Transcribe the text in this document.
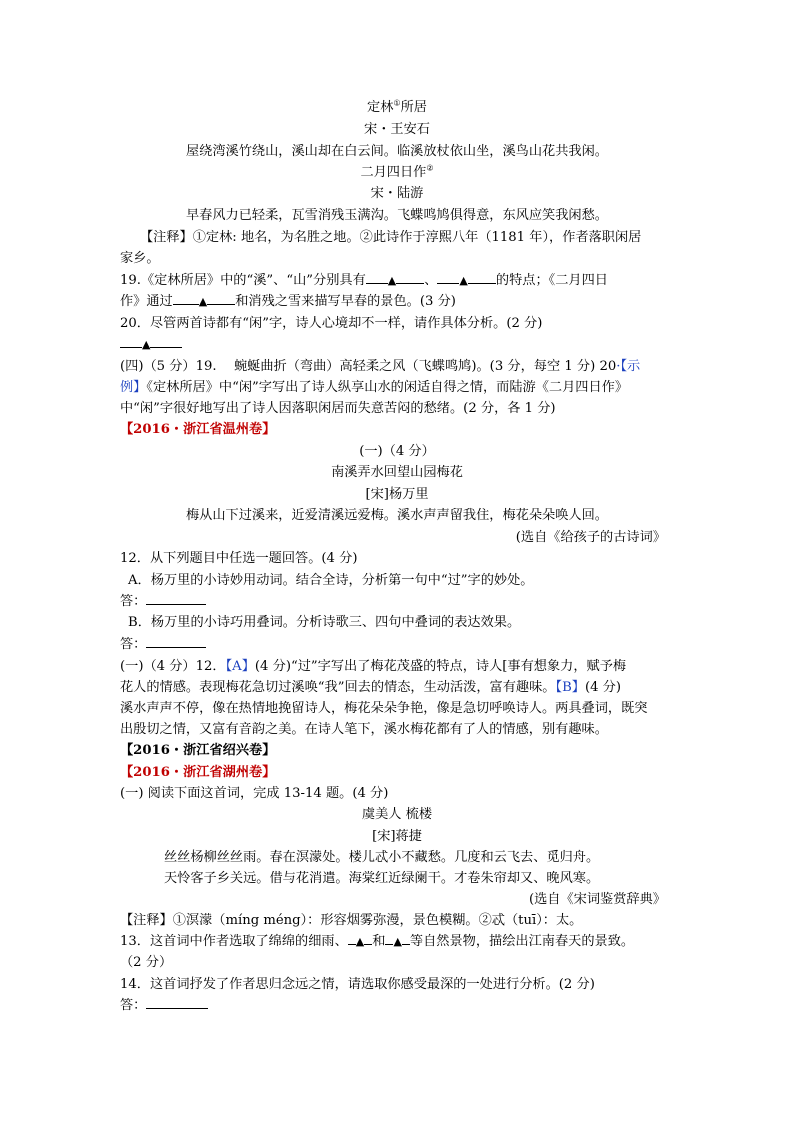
定林①所居
宋・王安石
屋绕湾溪竹绕山，溪山却在白云间。临溪放杖依山坐，溪鸟山花共我闲。
二月四日作②
宋・陆游
早春风力已轻柔，瓦雪消残玉满沟。飞蝶鸣鸠俱得意，东风应笑我闲愁。
【注释】①定林: 地名，为名胜之地。②此诗作于淳熙八年（1181 年），作者落职闲居
家乡。
19.《定林所居》中的“溪”、“山”分别具有 ▲ 、 ▲ 的特点；《二月四日
作》通过 ▲ 和消残之雪来描写早春的景色。(3 分)
20．尽管两首诗都有“闲”字，诗人心境却不一样，请作具体分析。(2 分)
▲
(四)（5 分）19.　 蜿蜒曲折（弯曲）高轻柔之风（飞蝶鸣鸠)。(3 分，每空 1 分) 20·【示
例】《定林所居》中“闲”字写出了诗人纵享山水的闲适自得之情，而陆游《二月四日作》
中“闲”字很好地写出了诗人因落职闲居而失意苦闷的愁绪。(2 分，各 1 分)
【2016・浙江省温州卷】
(一)（4 分）
南溪弄水回望山园梅花
[宋]杨万里
梅从山下过溪来，近爱清溪远爱梅。溪水声声留我住，梅花朵朵唤人回。
(选自《给孩子的古诗词》
12．从下列题目中任选一题回答。(4 分)
A．杨万里的小诗妙用动词。结合全诗，分析第一句中“过”字的妙处。
答：
B．杨万里的小诗巧用叠词。分析诗歌三、四句中叠词的表达效果。
答：
(一)（4 分）12．【A】(4 分)“过”字写出了梅花茂盛的特点，诗人[事有想象力，赋予梅
花人的情感。表现梅花急切过溪唤“我”回去的情态，生动活泼，富有趣味。【B】(4 分)
溪水声声不停，像在热情地挽留诗人，梅花朵朵争艳，像是急切呼唤诗人。两具叠词，既突
出殷切之情，又富有音韵之美。在诗人笔下，溪水梅花都有了人的情感，别有趣味。
【2016・浙江省绍兴卷】
【2016・浙江省湖州卷】
(一) 阅读下面这首词，完成 13-14 题。(4 分)
虞美人 梳楼
[宋]蒋捷
丝丝杨柳丝丝雨。春在溟濛处。楼儿忒小不藏愁。几度和云飞去、觅归舟。
天怜客子乡关远。借与花消遣。海棠红近绿阑干。才卷朱帘却又、晚风寒。
(选自《宋词鉴赏辞典》
【注释】①溟濛（míng méng）：形容烟雾弥漫，景色模糊。②忒（tuī）：太。
13．这首词中作者选取了绵绵的细雨、 ▲ 和 ▲ 等自然景物，描绘出江南春天的景致。
（2 分）
14．这首词抒发了作者思归念远之情，请选取你感受最深的一处进行分析。(2 分)
答：
